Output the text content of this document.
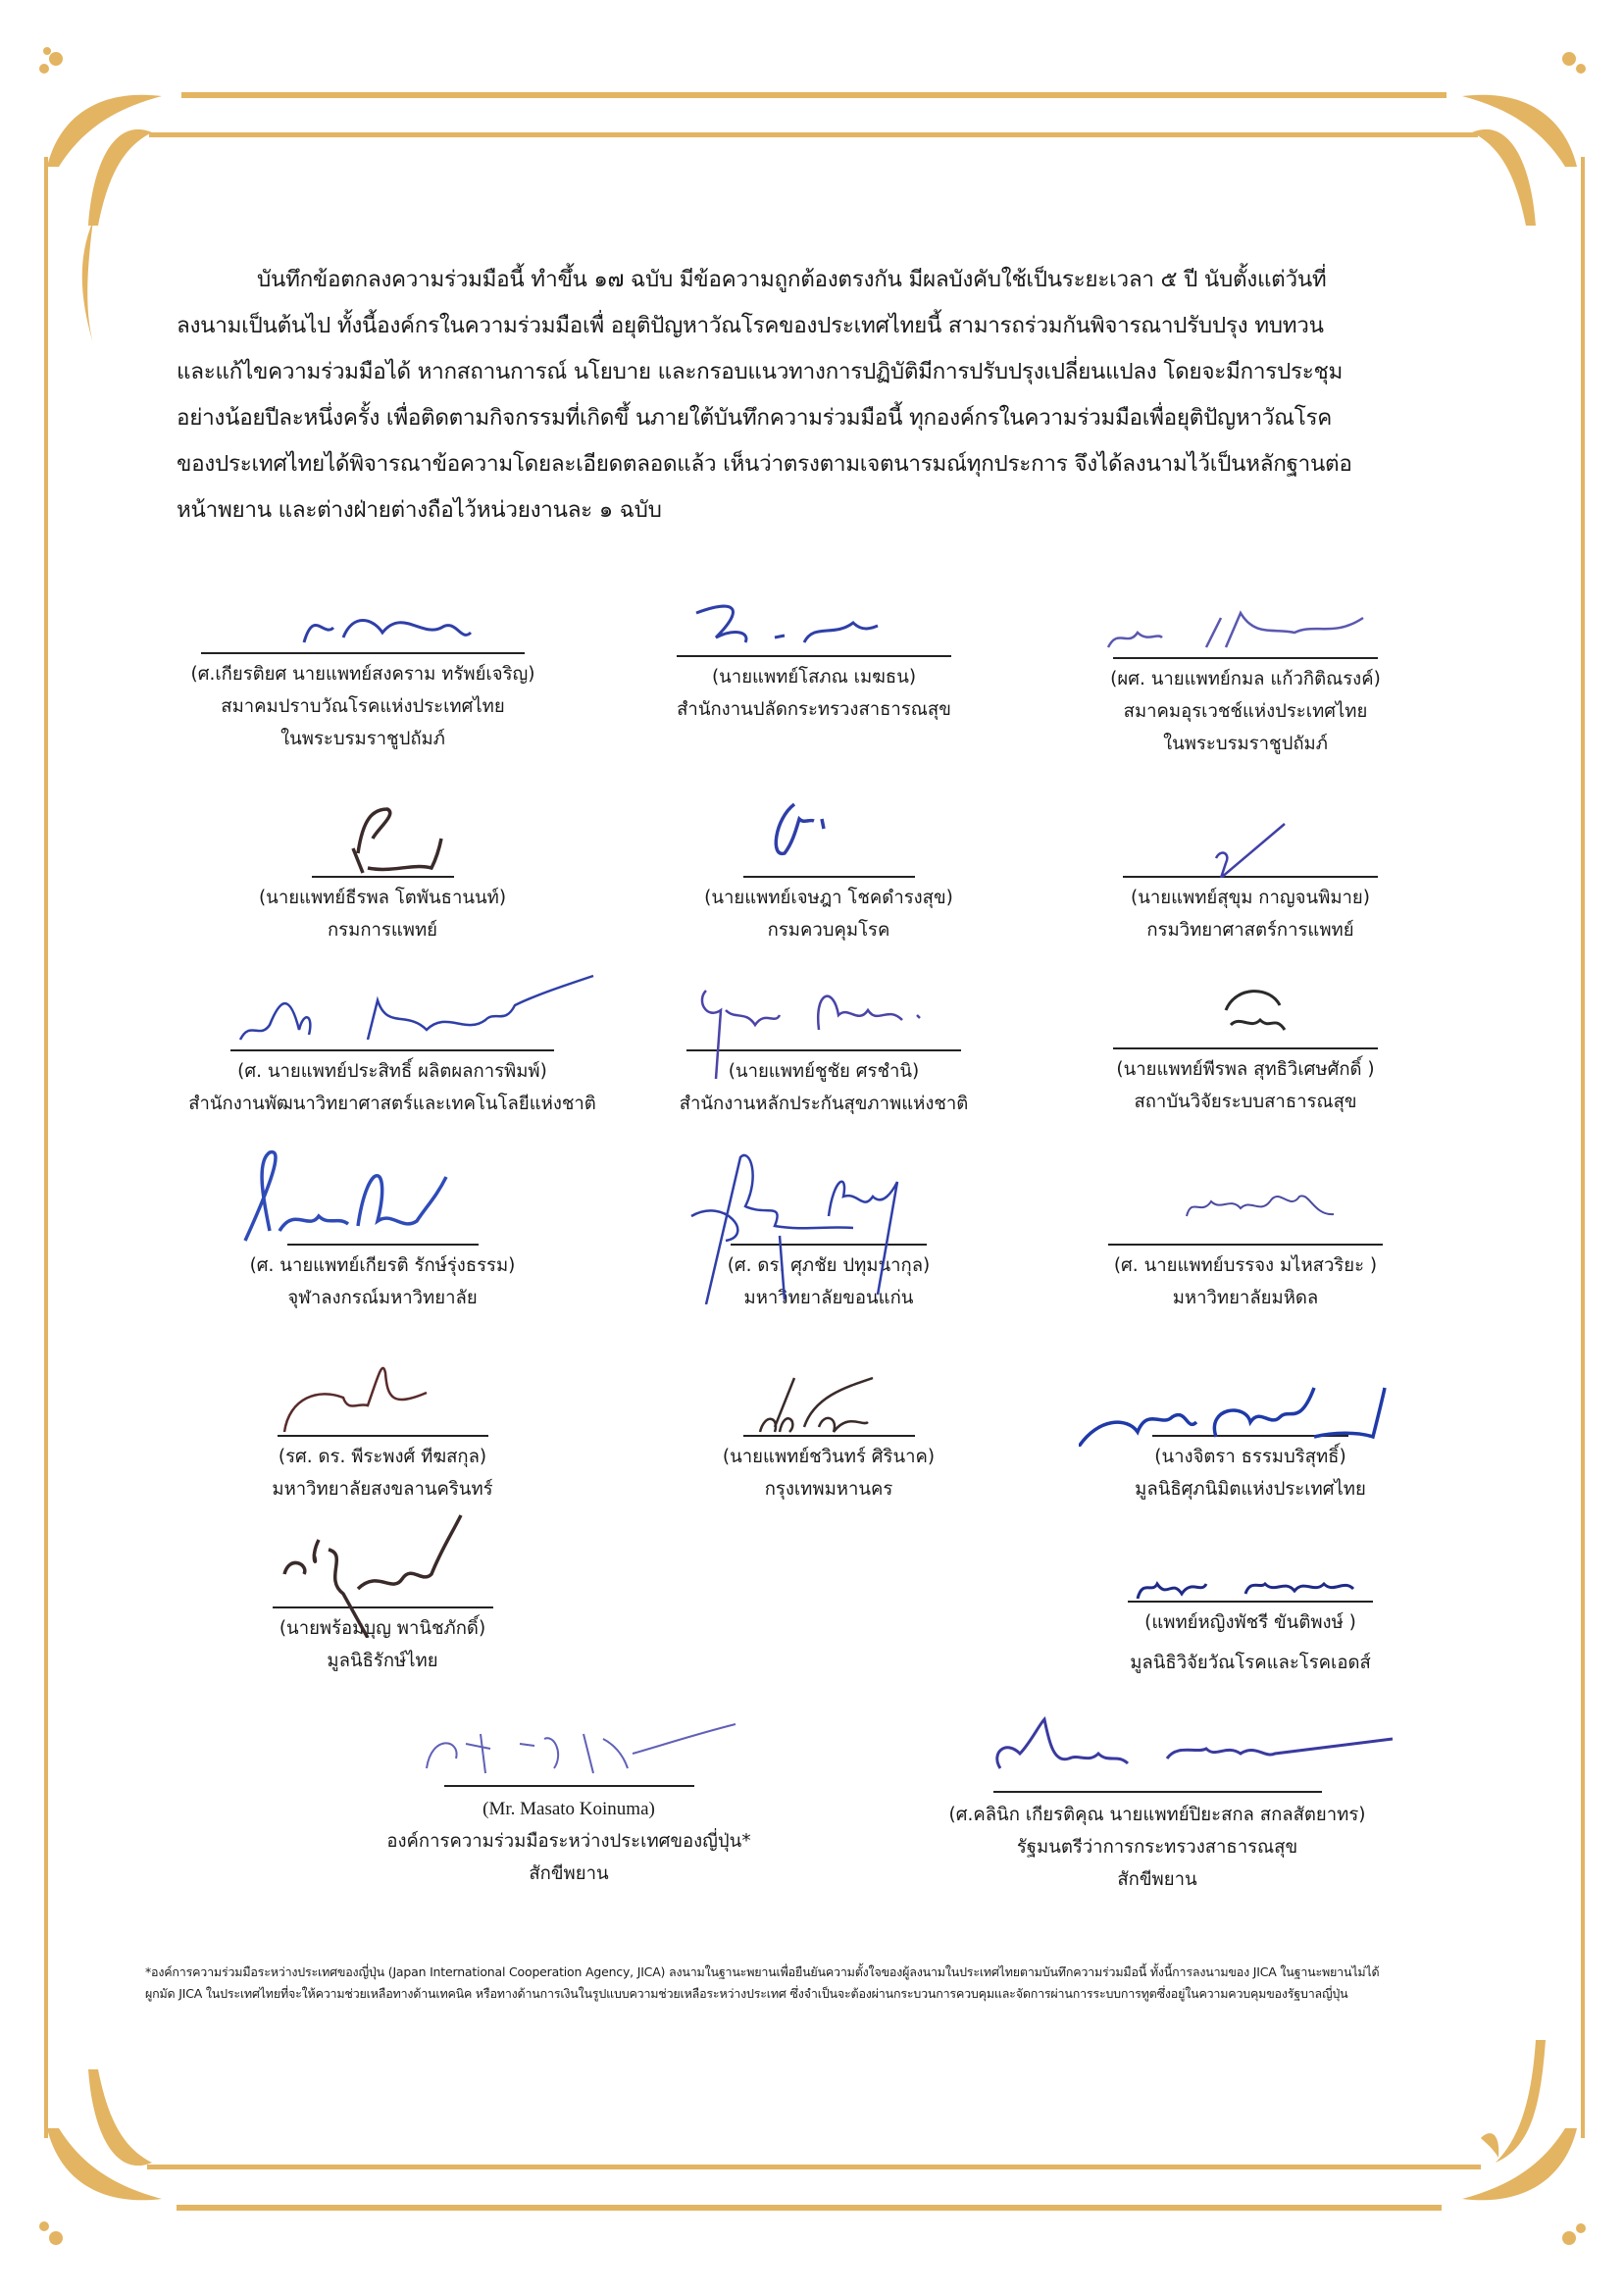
บันทึกข้อตกลงความร่วมมือนี้ ทำขึ้น ๑๗ ฉบับ มีข้อความถูกต้องตรงกัน มีผลบังคับใช้เป็นระยะเวลา ๕ ปี นับตั้งแต่วันที่
ลงนามเป็นต้นไป ทั้งนี้องค์กรในความร่วมมือเพื่ อยุติปัญหาวัณโรคของประเทศไทยนี้ สามารถร่วมกันพิจารณาปรับปรุง ทบทวน
และแก้ไขความร่วมมือได้ หากสถานการณ์ นโยบาย และกรอบแนวทางการปฏิบัติมีการปรับปรุงเปลี่ยนแปลง โดยจะมีการประชุม
อย่างน้อยปีละหนึ่งครั้ง เพื่อติดตามกิจกรรมที่เกิดขึ้ นภายใต้บันทึกความร่วมมือนี้ ทุกองค์กรในความร่วมมือเพื่อยุติปัญหาวัณโรค
ของประเทศไทยได้พิจารณาข้อความโดยละเอียดตลอดแล้ว เห็นว่าตรงตามเจตนารมณ์ทุกประการ จึงได้ลงนามไว้เป็นหลักฐานต่อ
หน้าพยาน และต่างฝ่ายต่างถือไว้หน่วยงานละ ๑ ฉบับ
(ศ.เกียรติยศ นายแพทย์สงคราม ทรัพย์เจริญ)
สมาคมปราบวัณโรคแห่งประเทศไทย
ในพระบรมราชูปถัมภ์
(นายแพทย์โสภณ เมฆธน)
สำนักงานปลัดกระทรวงสาธารณสุข
(ผศ. นายแพทย์กมล แก้วกิติณรงค์)
สมาคมอุรเวชช์แห่งประเทศไทย
ในพระบรมราชูปถัมภ์
(นายแพทย์ธีรพล โตพันธานนท์)
กรมการแพทย์
(นายแพทย์เจษฎา โชคดำรงสุข)
กรมควบคุมโรค
(นายแพทย์สุขุม กาญจนพิมาย)
กรมวิทยาศาสตร์การแพทย์
(ศ. นายแพทย์ประสิทธิ์ ผลิตผลการพิมพ์)
สำนักงานพัฒนาวิทยาศาสตร์และเทคโนโลยีแห่งชาติ
(นายแพทย์ชูชัย ศรชำนิ)
สำนักงานหลักประกันสุขภาพแห่งชาติ
(นายแพทย์พีรพล สุทธิวิเศษศักดิ์ )
สถาบันวิจัยระบบสาธารณสุข
(ศ. นายแพทย์เกียรติ รักษ์รุ่งธรรม)
จุฬาลงกรณ์มหาวิทยาลัย
(ศ. ดร. ศุภชัย ปทุมนากุล)
มหาวิทยาลัยขอนแก่น
(ศ. นายแพทย์บรรจง มไหสวริยะ )
มหาวิทยาลัยมหิดล
(รศ. ดร. พีระพงศ์ ทีฆสกุล)
มหาวิทยาลัยสงขลานครินทร์
(นายแพทย์ชวินทร์ ศิรินาค)
กรุงเทพมหานคร
(นางจิตรา ธรรมบริสุทธิ์)
มูลนิธิศุภนิมิตแห่งประเทศไทย
(นายพร้อมบุญ พานิชภักดิ์)
มูลนิธิรักษ์ไทย
(แพทย์หญิงพัชรี ขันติพงษ์ )
มูลนิธิวิจัยวัณโรคและโรคเอดส์
(Mr. Masato Koinuma)
องค์การความร่วมมือระหว่างประเทศของญี่ปุ่น*
สักขีพยาน
(ศ.คลินิก เกียรติคุณ นายแพทย์ปิยะสกล สกลสัตยาทร)
รัฐมนตรีว่าการกระทรวงสาธารณสุข
สักขีพยาน
*องค์การความร่วมมือระหว่างประเทศของญี่ปุ่น (Japan International Cooperation Agency, JICA) ลงนามในฐานะพยานเพื่อยืนยันความตั้งใจของผู้ลงนามในประเทศไทยตามบันทึกความร่วมมือนี้ ทั้งนี้การลงนามของ JICA ในฐานะพยานไม่ได้
ผูกมัด JICA ในประเทศไทยที่จะให้ความช่วยเหลือทางด้านเทคนิค หรือทางด้านการเงินในรูปแบบความช่วยเหลือระหว่างประเทศ ซึ่งจำเป็นจะต้องผ่านกระบวนการควบคุมและจัดการผ่านการระบบการทูตซึ่งอยู่ในความควบคุมของรัฐบาลญี่ปุ่น
